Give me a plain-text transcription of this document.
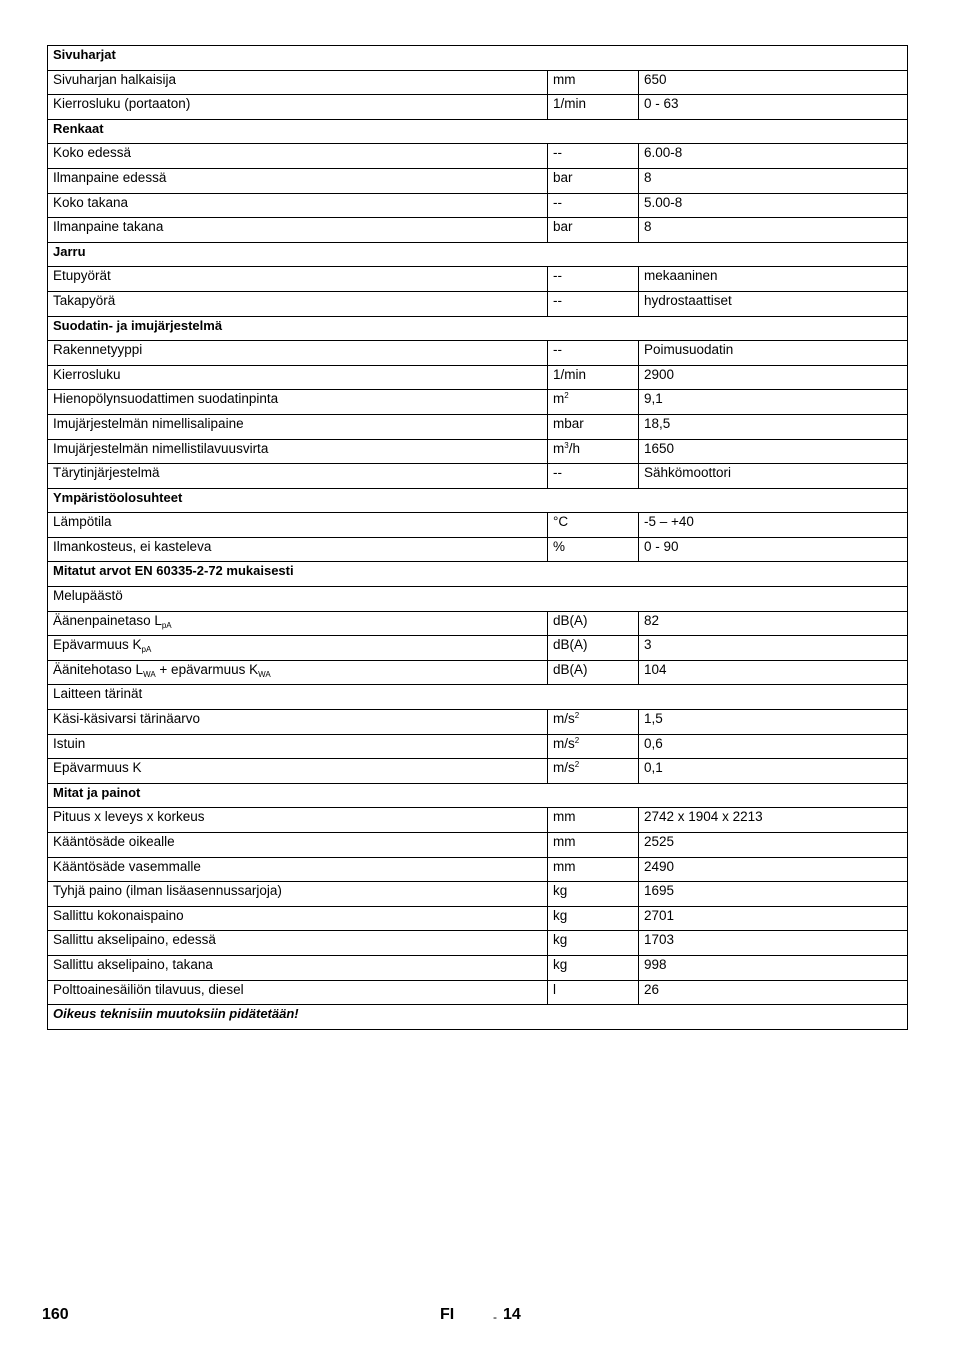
Sivuharjat		
Sivuharjan halkaisija	mm	650
Kierrosluku (portaaton)	1/min	0 - 63
Renkaat		
Koko edessä	--	6.00-8
Ilmanpaine edessä	bar	8
Koko takana	--	5.00-8
Ilmanpaine takana	bar	8
Jarru		
Etupyörät	--	mekaaninen
Takapyörä	--	hydrostaattiset
Suodatin- ja imujärjestelmä		
Rakennetyyppi	--	Poimusuodatin
Kierrosluku	1/min	2900
Hienopölynsuodattimen suodatinpinta	$m^2$	9,1
Imujärjestelmän nimellisalipaine	mbar	18,5
Imujärjestelmän nimellistilavuusvirta	$m^3/h$	1650
Tärytinjärjestelmä	--	Sähkömoottori
Ympäristöolosuhteet		
Lämpötila	°C	-5 – +40
Ilmankosteus, ei kasteleva	%	0 - 90
Mitatut arvot EN 60335-2-72 mukaisesti		
Melupäästö		
Äänenpainetaso $L_{pA}$	dB(A)	82
Epävarmuus $K_{pA}$	dB(A)	3
Äänitehotaso $L_{WA}$ + epävarmuus $K_{WA}$	dB(A)	104
Laitteen tärinät		
Käsi-käsivarsi tärinäarvo	$m/s^2$	1,5
Istuin	$m/s^2$	0,6
Epävarmuus K	$m/s^2$	0,1
Mitat ja painot		
Pituus x leveys x korkeus	mm	2742 x 1904 x 2213
Kääntösäde oikealle	mm	2525
Kääntösäde vasemmalle	mm	2490
Tyhjä paino (ilman lisäasennussarjoja)	kg	1695
Sallittu kokonaispaino	kg	2701
Sallittu akselipaino, edessä	kg	1703
Sallittu akselipaino, takana	kg	998
Polttoainesäiliön tilavuus, diesel	l	26
Oikeus teknisiin muutoksiin pidätetään!		
160	FI	- 14
